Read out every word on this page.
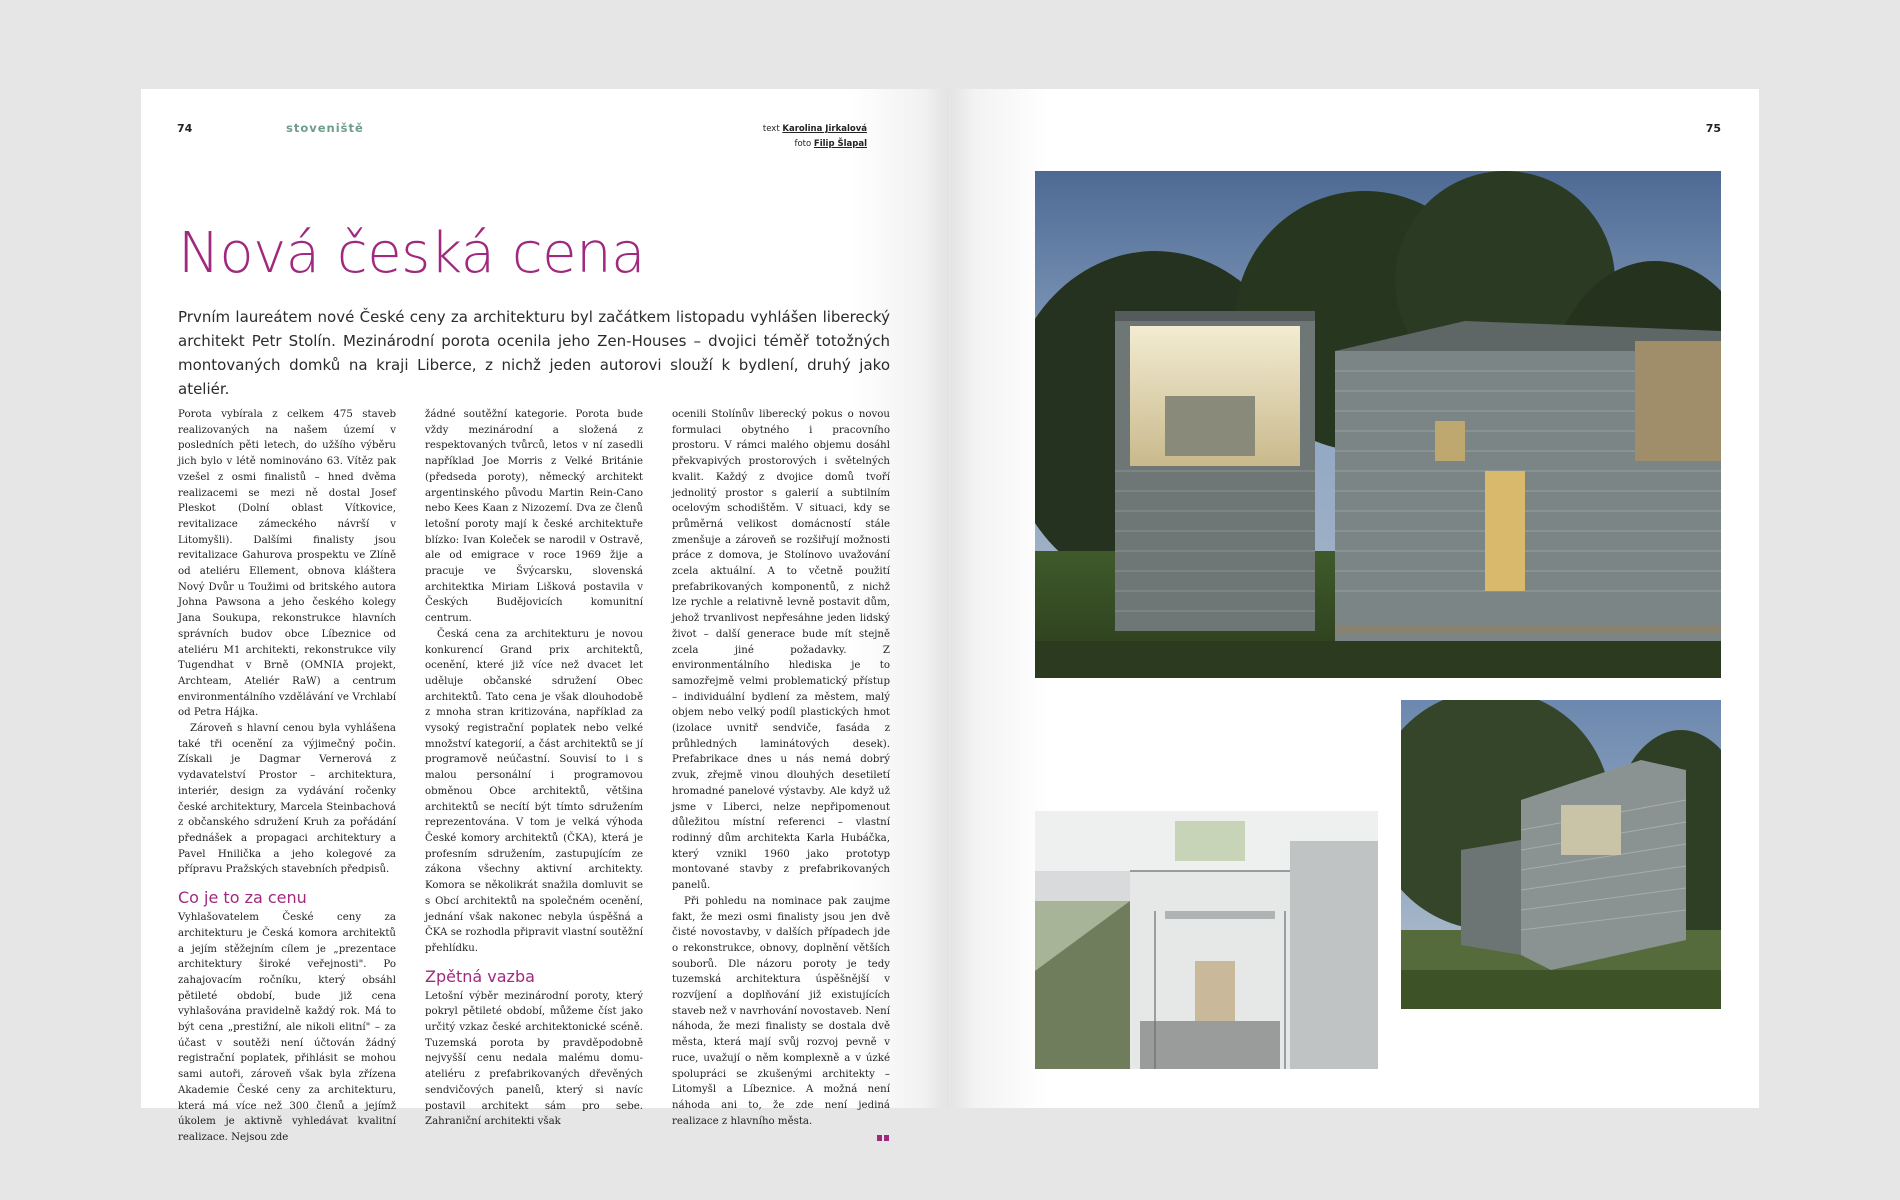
74	stoveniště	text Karolina Jirkalová
foto Filip Šlapal
Nová česká cena

Prvním laureátem nové České ceny za architekturu byl začátkem listopadu vyhlášen liberecký architekt Petr Stolín. Mezinárodní porota ocenila jeho Zen-Houses – dvojici téměř totožných montovaných domků na kraji Liberce, z nichž jeden autorovi slouží k bydlení, druhý jako ateliér.

Porota vybírala z celkem 475 staveb realizovaných na našem území v posledních pěti letech, do užšího výběru jich bylo v létě nominováno 63. Vítěz pak vzešel z osmi finalistů – hned dvěma realizacemi se mezi ně dostal Josef Pleskot (Dolní oblast Vítkovice, revitalizace zámeckého návrší v Litomyšli). Dalšími finalisty jsou revitalizace Gahurova prospektu ve Zlíně od ateliéru Ellement, obnova kláštera Nový Dvůr u Toužimi od britského autora Johna Pawsona a jeho českého kolegy Jana Soukupa, rekonstrukce hlavních správních budov obce Líbeznice od ateliéru M1 architekti, rekonstrukce vily Tugendhat v Brně (OMNIA projekt, Archteam, Ateliér RaW) a centrum environmentálního vzdělávání ve Vrchlabí od Petra Hájka.

Zároveň s hlavní cenou byla vyhlášena také tři ocenění za výjimečný počin. Získali je Dagmar Vernerová z vydavatelství Prostor – architektura, interiér, design za vydávání ročenky české architektury, Marcela Steinbachová z občanského sdružení Kruh za pořádání přednášek a propagaci architektury a Pavel Hnilička a jeho kolegové za přípravu Pražských stavebních předpisů.

Co je to za cenu

Vyhlašovatelem České ceny za architekturu je Česká komora architektů a jejím stěžejním cílem je „prezentace architektury široké veřejnosti". Po zahajovacím ročníku, který obsáhl pětileté období, bude již cena vyhlašována pravidelně každý rok. Má to být cena „prestižní, ale nikoli elitní" – za účast v soutěži není účtován žádný registrační poplatek, přihlásit se mohou sami autoři, zároveň však byla zřízena Akademie České ceny za architekturu, která má více než 300 členů a jejímž úkolem je aktivně vyhledávat kvalitní realizace. Nejsou zde

žádné soutěžní kategorie. Porota bude vždy mezinárodní a složená z respektovaných tvůrců, letos v ní zasedli například Joe Morris z Velké Británie (předseda poroty), německý architekt argentinského původu Martin Rein-Cano nebo Kees Kaan z Nizozemí. Dva ze členů letošní poroty mají k české architektuře blízko: Ivan Koleček se narodil v Ostravě, ale od emigrace v roce 1969 žije a pracuje ve Švýcarsku, slovenská architektka Miriam Lišková postavila v Českých Budějovicích komunitní centrum.

Česká cena za architekturu je novou konkurencí Grand prix architektů, ocenění, které již více než dvacet let uděluje občanské sdružení Obec architektů. Tato cena je však dlouhodobě z mnoha stran kritizována, například za vysoký registrační poplatek nebo velké množství kategorií, a část architektů se jí programově neúčastní. Souvisí to i s malou personální i programovou obměnou Obce architektů, většina architektů se necítí být tímto sdružením reprezentována. V tom je velká výhoda České komory architektů (ČKA), která je profesním sdružením, zastupujícím ze zákona všechny aktivní architekty. Komora se několikrát snažila domluvit se s Obcí architektů na společném ocenění, jednání však nakonec nebyla úspěšná a ČKA se rozhodla připravit vlastní soutěžní přehlídku.

Zpětná vazba

Letošní výběr mezinárodní poroty, který pokryl pětileté období, můžeme číst jako určitý vzkaz české architektonické scéně. Tuzemská porota by pravděpodobně nejvyšší cenu nedala malému domu-ateliéru z prefabrikovaných dřevěných sendvičových panelů, který si navíc postavil architekt sám pro sebe. Zahraniční architekti však

ocenili Stolínův liberecký pokus o novou formulaci obytného i pracovního prostoru. V rámci malého objemu dosáhl překvapivých prostorových i světelných kvalit. Každý z dvojice domů tvoří jednolitý prostor s galerií a subtilním ocelovým schodištěm. V situaci, kdy se průměrná velikost domácností stále zmenšuje a zároveň se rozšiřují možnosti práce z domova, je Stolínovo uvažování zcela aktuální. A to včetně použití prefabrikovaných komponentů, z nichž lze rychle a relativně levně postavit dům, jehož trvanlivost nepřesáhne jeden lidský život – další generace bude mít stejně zcela jiné požadavky. Z environmentálního hlediska je to samozřejmě velmi problematický přístup – individuální bydlení za městem, malý objem nebo velký podíl plastických hmot (izolace uvnitř sendviče, fasáda z průhledných laminátových desek). Prefabrikace dnes u nás nemá dobrý zvuk, zřejmě vinou dlouhých desetiletí hromadné panelové výstavby. Ale když už jsme v Liberci, nelze nepřipomenout důležitou místní referenci – vlastní rodinný dům architekta Karla Hubáčka, který vznikl 1960 jako prototyp montované stavby z prefabrikovaných panelů.

Při pohledu na nominace pak zaujme fakt, že mezi osmi finalisty jsou jen dvě čisté novostavby, v dalších případech jde o rekonstrukce, obnovy, doplnění větších souborů. Dle názoru poroty je tedy tuzemská architektura úspěšnější v rozvíjení a doplňování již existujících staveb než v navrhování novostaveb. Není náhoda, že mezi finalisty se dostala dvě města, která mají svůj rozvoj pevně v ruce, uvažují o něm komplexně a v úzké spolupráci se zkušenými architekty – Litomyšl a Líbeznice. A možná není náhoda ani to, že zde není jediná realizace z hlavního města.

75
